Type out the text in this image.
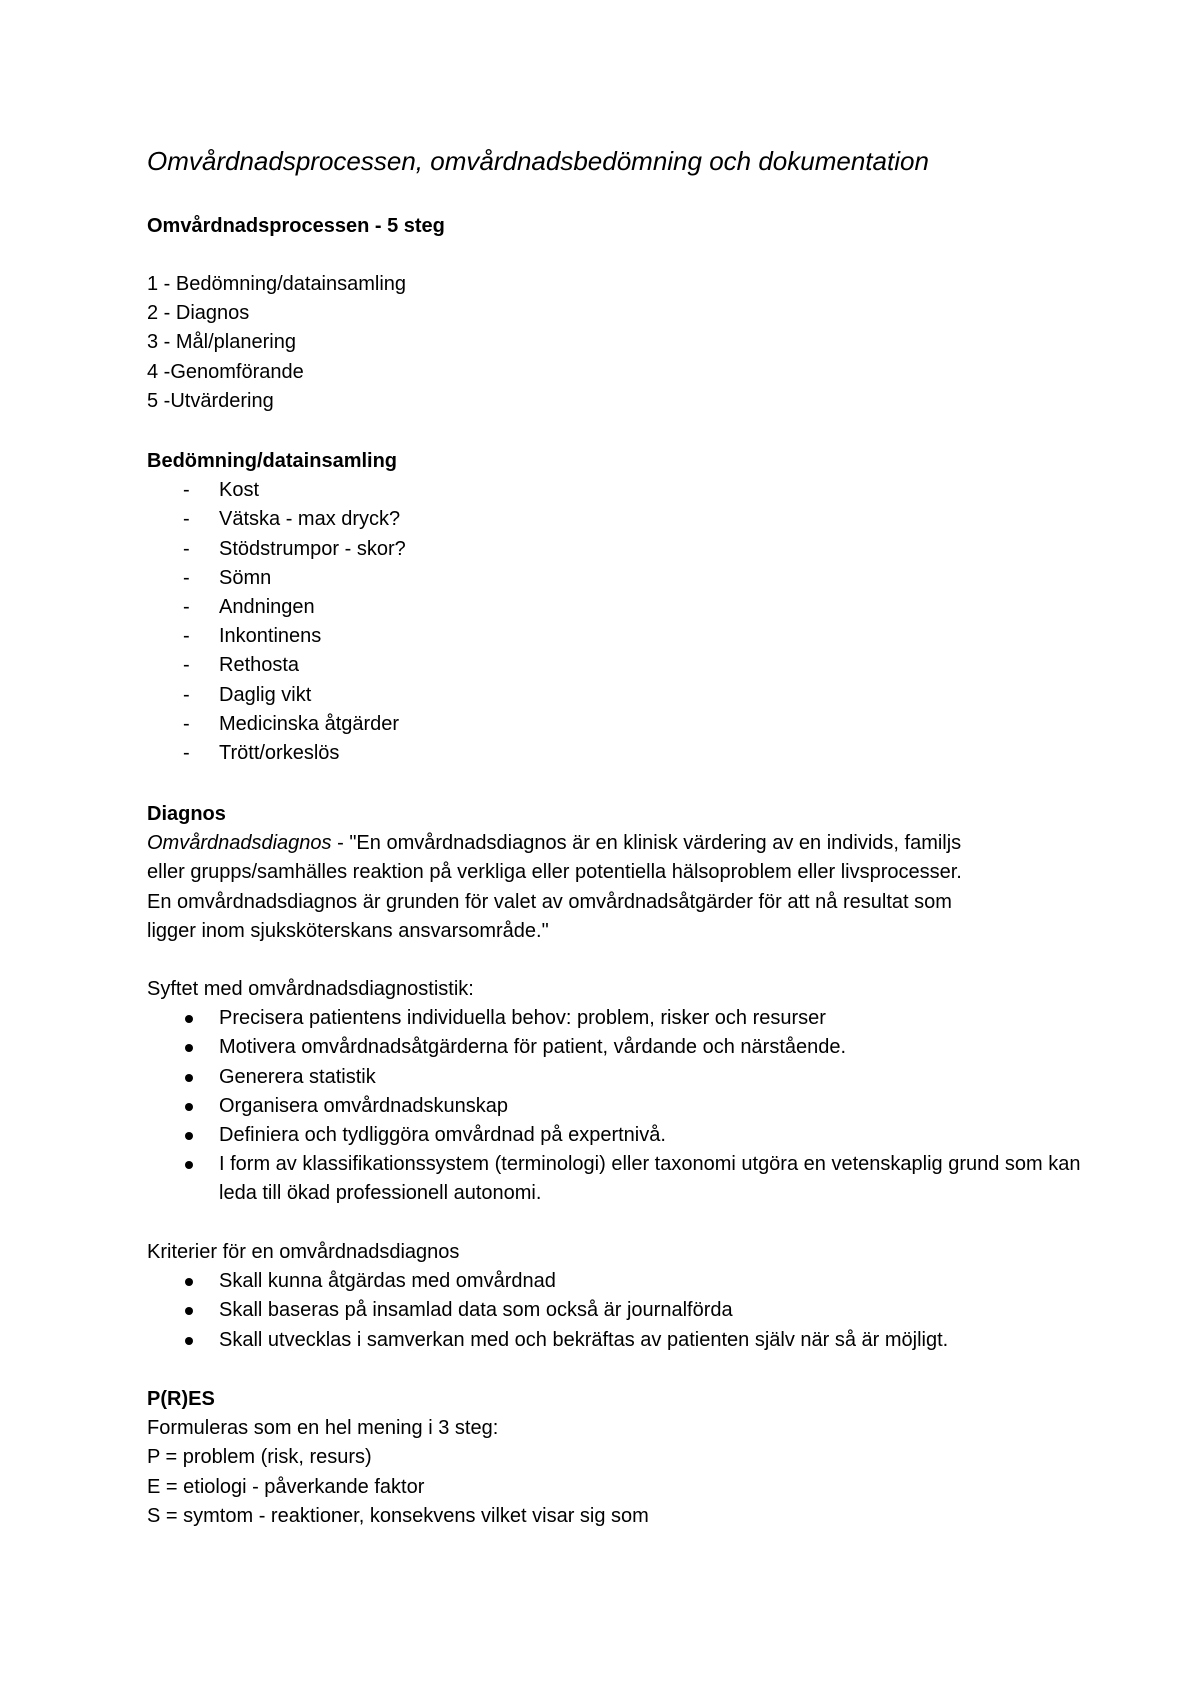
Omvårdnadsprocessen, omvårdnadsbedömning och dokumentation
Omvårdnadsprocessen - 5 steg
1 - Bedömning/datainsamling
2 - Diagnos
3 - Mål/planering
4 -Genomförande
5 -Utvärdering
Bedömning/datainsamling
- Kost
- Vätska - max dryck?
- Stödstrumpor - skor?
- Sömn
- Andningen
- Inkontinens
- Rethosta
- Daglig vikt
- Medicinska åtgärder
- Trött/orkeslös
Diagnos
Omvårdnadsdiagnos - "En omvårdnadsdiagnos är en klinisk värdering av en individs, familjs
eller grupps/samhälles reaktion på verkliga eller potentiella hälsoproblem eller livsprocesser.
En omvårdnadsdiagnos är grunden för valet av omvårdnadsåtgärder för att nå resultat som
ligger inom sjuksköterskans ansvarsområde."
Syftet med omvårdnadsdiagnostistik:
Precisera patientens individuella behov: problem, risker och resurser
Motivera omvårdnadsåtgärderna för patient, vårdande och närstående.
Generera statistik
Organisera omvårdnadskunskap
Definiera och tydliggöra omvårdnad på expertnivå.
I form av klassifikationssystem (terminologi) eller taxonomi utgöra en vetenskaplig grund som kan leda till ökad professionell autonomi.
Kriterier för en omvårdnadsdiagnos
Skall kunna åtgärdas med omvårdnad
Skall baseras på insamlad data som också är journalförda
Skall utvecklas i samverkan med och bekräftas av patienten själv när så är möjligt.
P(R)ES
Formuleras som en hel mening i 3 steg:
P = problem (risk, resurs)
E = etiologi - påverkande faktor
S = symtom - reaktioner, konsekvens vilket visar sig som
